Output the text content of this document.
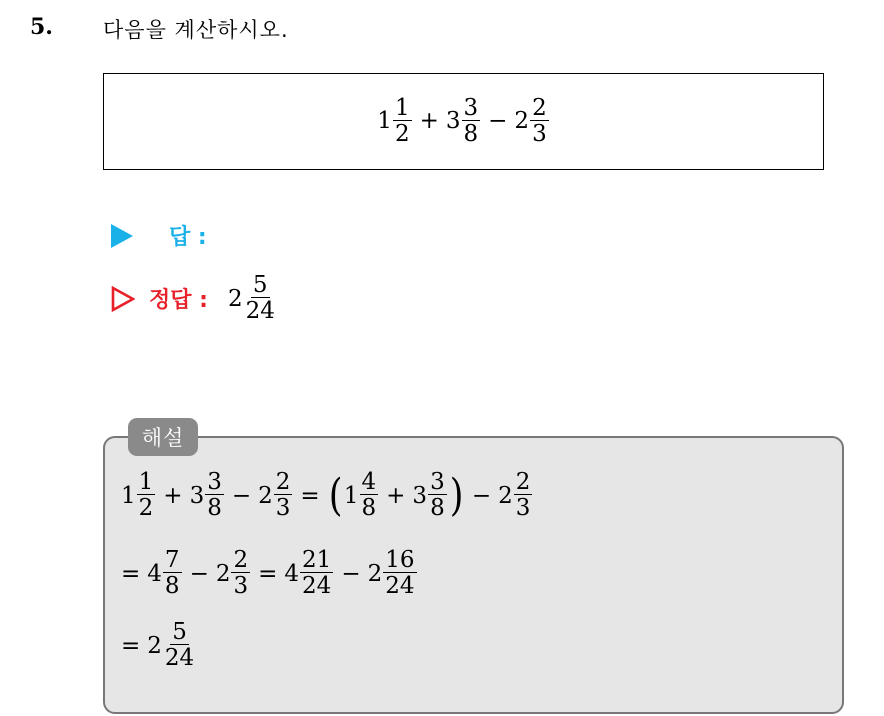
5. 다음을 계산하시오.
$1 \frac{1}{2} + 3 \frac{3}{8} - 2 \frac{2}{3}$
답 :
정답 : $2 \frac{5}{24}$
해설
$1 \frac{1}{2} + 3 \frac{3}{8} - 2 \frac{2}{3}$ = ( $1 \frac{4}{8} + 3 \frac{3}{8}$ ) − $2 \frac{2}{3}$
= $4 \frac{7}{8} - 2 \frac{2}{3} = 4 \frac{21}{24} - 2 \frac{16}{24}$
= $2 \frac{5}{24}$
